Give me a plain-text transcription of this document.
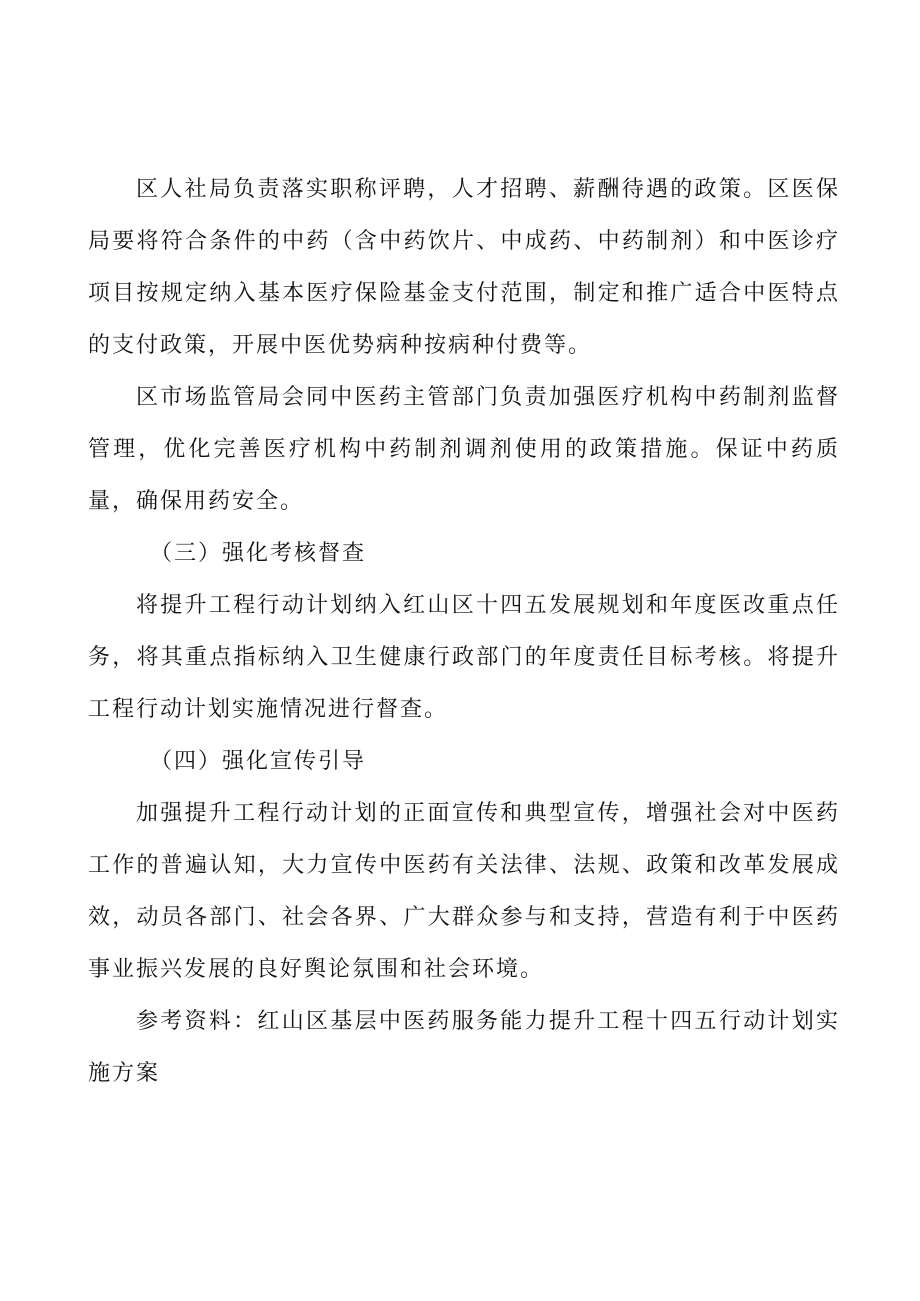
区人社局负责落实职称评聘，人才招聘、薪酬待遇的政策。区医保局要将符合条件的中药（含中药饮片、中成药、中药制剂）和中医诊疗项目按规定纳入基本医疗保险基金支付范围，制定和推广适合中医特点的支付政策，开展中医优势病种按病种付费等。

区市场监管局会同中医药主管部门负责加强医疗机构中药制剂监督管理，优化完善医疗机构中药制剂调剂使用的政策措施。保证中药质量，确保用药安全。

（三）强化考核督查

将提升工程行动计划纳入红山区十四五发展规划和年度医改重点任务，将其重点指标纳入卫生健康行政部门的年度责任目标考核。将提升工程行动计划实施情况进行督查。

（四）强化宣传引导

加强提升工程行动计划的正面宣传和典型宣传，增强社会对中医药工作的普遍认知，大力宣传中医药有关法律、法规、政策和改革发展成效，动员各部门、社会各界、广大群众参与和支持，营造有利于中医药事业振兴发展的良好舆论氛围和社会环境。

参考资料：红山区基层中医药服务能力提升工程十四五行动计划实施方案
